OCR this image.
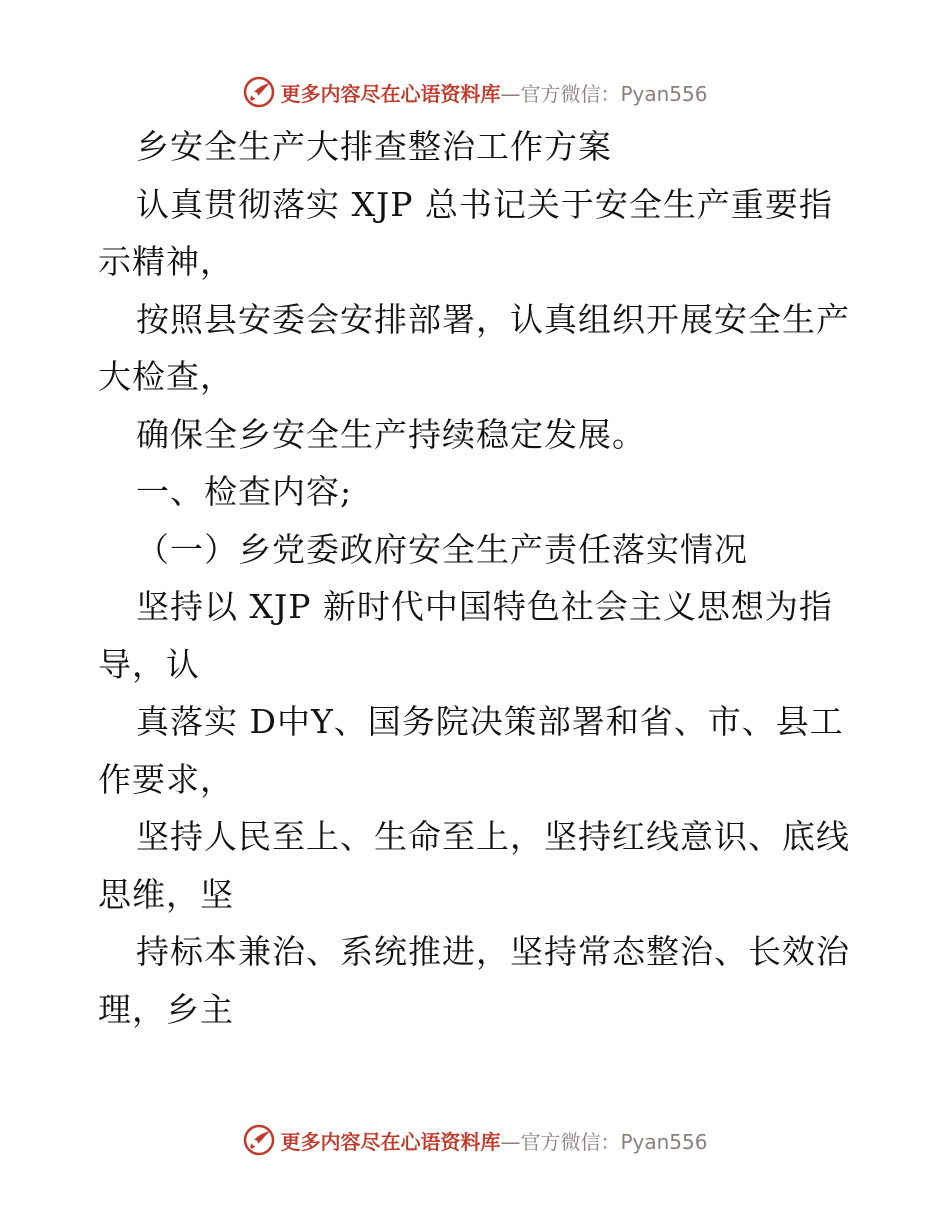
更多内容尽在心语资料库—官方微信：Pyan556
乡安全生产大排查整治工作方案
认真贯彻落实 XJP 总书记关于安全生产重要指
示精神，
按照县安委会安排部署，认真组织开展安全生产
大检查，
确保全乡安全生产持续稳定发展。
一、检查内容;
（一）乡党委政府安全生产责任落实情况
坚持以 XJP 新时代中国特色社会主义思想为指
导，认
真落实 D中Y、国务院决策部署和省、市、县工
作要求，
坚持人民至上、生命至上，坚持红线意识、底线
思维，坚
持标本兼治、系统推进，坚持常态整治、长效治
理，乡主
更多内容尽在心语资料库—官方微信：Pyan556
